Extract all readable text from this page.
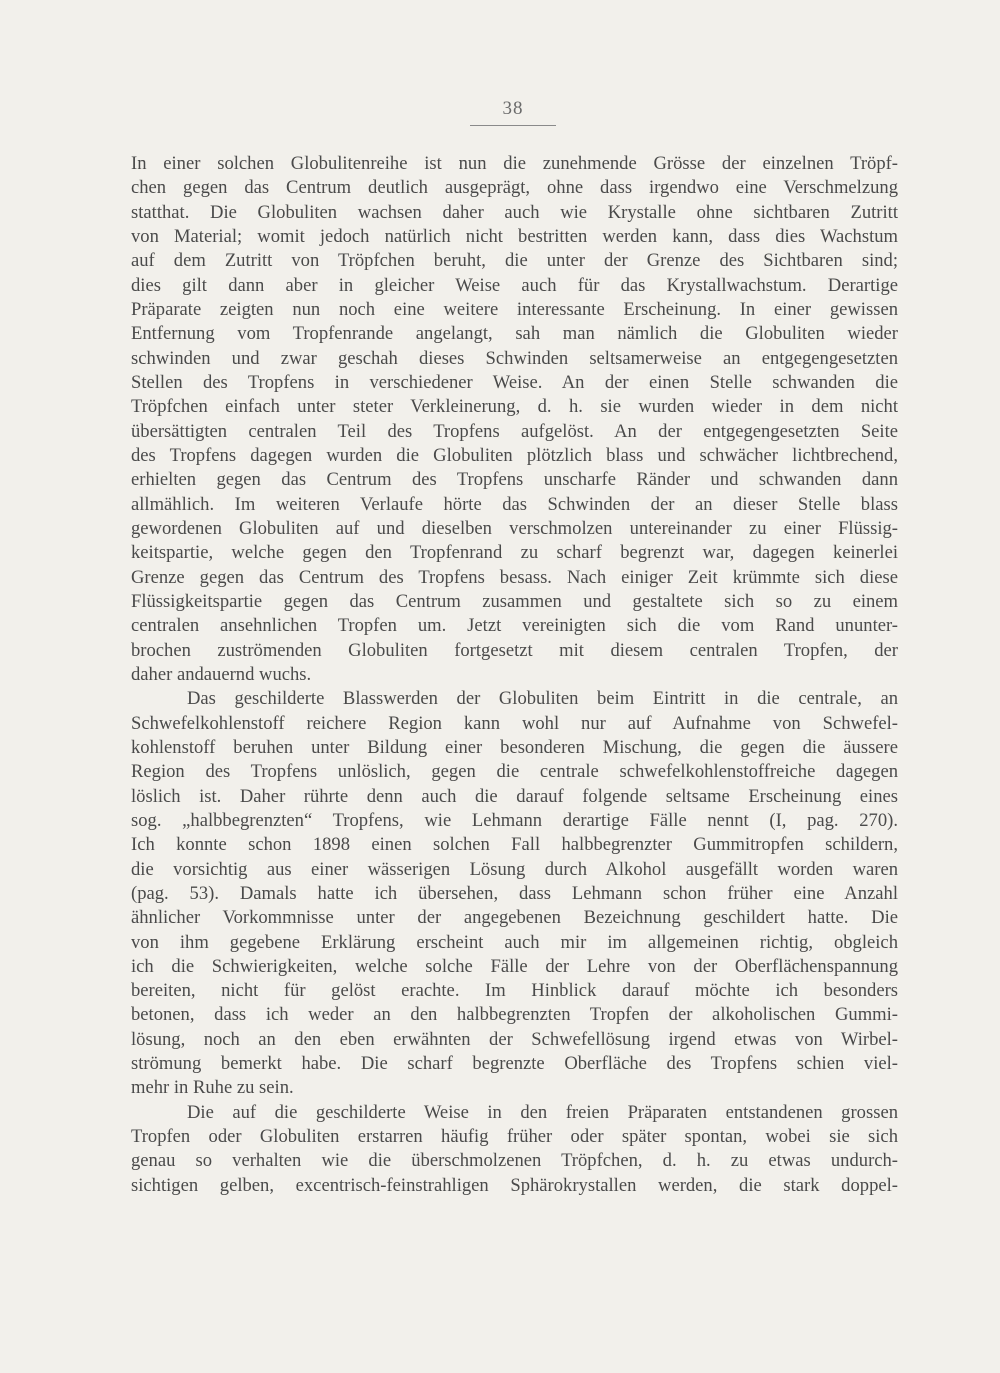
38
In einer solchen Globulitenreihe ist nun die zunehmende Grösse der einzelnen Tröpf-
chen gegen das Centrum deutlich ausgeprägt, ohne dass irgendwo eine Verschmelzung
statthat. Die Globuliten wachsen daher auch wie Krystalle ohne sichtbaren Zutritt
von Material; womit jedoch natürlich nicht bestritten werden kann, dass dies Wachstum
auf dem Zutritt von Tröpfchen beruht, die unter der Grenze des Sichtbaren sind;
dies gilt dann aber in gleicher Weise auch für das Krystallwachstum. Derartige
Präparate zeigten nun noch eine weitere interessante Erscheinung. In einer gewissen
Entfernung vom Tropfenrande angelangt, sah man nämlich die Globuliten wieder
schwinden und zwar geschah dieses Schwinden seltsamerweise an entgegengesetzten
Stellen des Tropfens in verschiedener Weise. An der einen Stelle schwanden die
Tröpfchen einfach unter steter Verkleinerung, d. h. sie wurden wieder in dem nicht
übersättigten centralen Teil des Tropfens aufgelöst. An der entgegengesetzten Seite
des Tropfens dagegen wurden die Globuliten plötzlich blass und schwächer lichtbrechend,
erhielten gegen das Centrum des Tropfens unscharfe Ränder und schwanden dann
allmählich. Im weiteren Verlaufe hörte das Schwinden der an dieser Stelle blass
gewordenen Globuliten auf und dieselben verschmolzen untereinander zu einer Flüssig-
keitspartie, welche gegen den Tropfenrand zu scharf begrenzt war, dagegen keinerlei
Grenze gegen das Centrum des Tropfens besass. Nach einiger Zeit krümmte sich diese
Flüssigkeitspartie gegen das Centrum zusammen und gestaltete sich so zu einem
centralen ansehnlichen Tropfen um. Jetzt vereinigten sich die vom Rand ununter-
brochen zuströmenden Globuliten fortgesetzt mit diesem centralen Tropfen, der
daher andauernd wuchs.
Das geschilderte Blasswerden der Globuliten beim Eintritt in die centrale, an
Schwefelkohlenstoff reichere Region kann wohl nur auf Aufnahme von Schwefel-
kohlenstoff beruhen unter Bildung einer besonderen Mischung, die gegen die äussere
Region des Tropfens unlöslich, gegen die centrale schwefelkohlenstoffreiche dagegen
löslich ist. Daher rührte denn auch die darauf folgende seltsame Erscheinung eines
sog. „halbbegrenzten“ Tropfens, wie Lehmann derartige Fälle nennt (I, pag. 270).
Ich konnte schon 1898 einen solchen Fall halbbegrenzter Gummitropfen schildern,
die vorsichtig aus einer wässerigen Lösung durch Alkohol ausgefällt worden waren
(pag. 53). Damals hatte ich übersehen, dass Lehmann schon früher eine Anzahl
ähnlicher Vorkommnisse unter der angegebenen Bezeichnung geschildert hatte. Die
von ihm gegebene Erklärung erscheint auch mir im allgemeinen richtig, obgleich
ich die Schwierigkeiten, welche solche Fälle der Lehre von der Oberflächenspannung
bereiten, nicht für gelöst erachte. Im Hinblick darauf möchte ich besonders
betonen, dass ich weder an den halbbegrenzten Tropfen der alkoholischen Gummi-
lösung, noch an den eben erwähnten der Schwefellösung irgend etwas von Wirbel-
strömung bemerkt habe. Die scharf begrenzte Oberfläche des Tropfens schien viel-
mehr in Ruhe zu sein.
Die auf die geschilderte Weise in den freien Präparaten entstandenen grossen
Tropfen oder Globuliten erstarren häufig früher oder später spontan, wobei sie sich
genau so verhalten wie die überschmolzenen Tröpfchen, d. h. zu etwas undurch-
sichtigen gelben, excentrisch-feinstrahligen Sphärokrystallen werden, die stark doppel-
